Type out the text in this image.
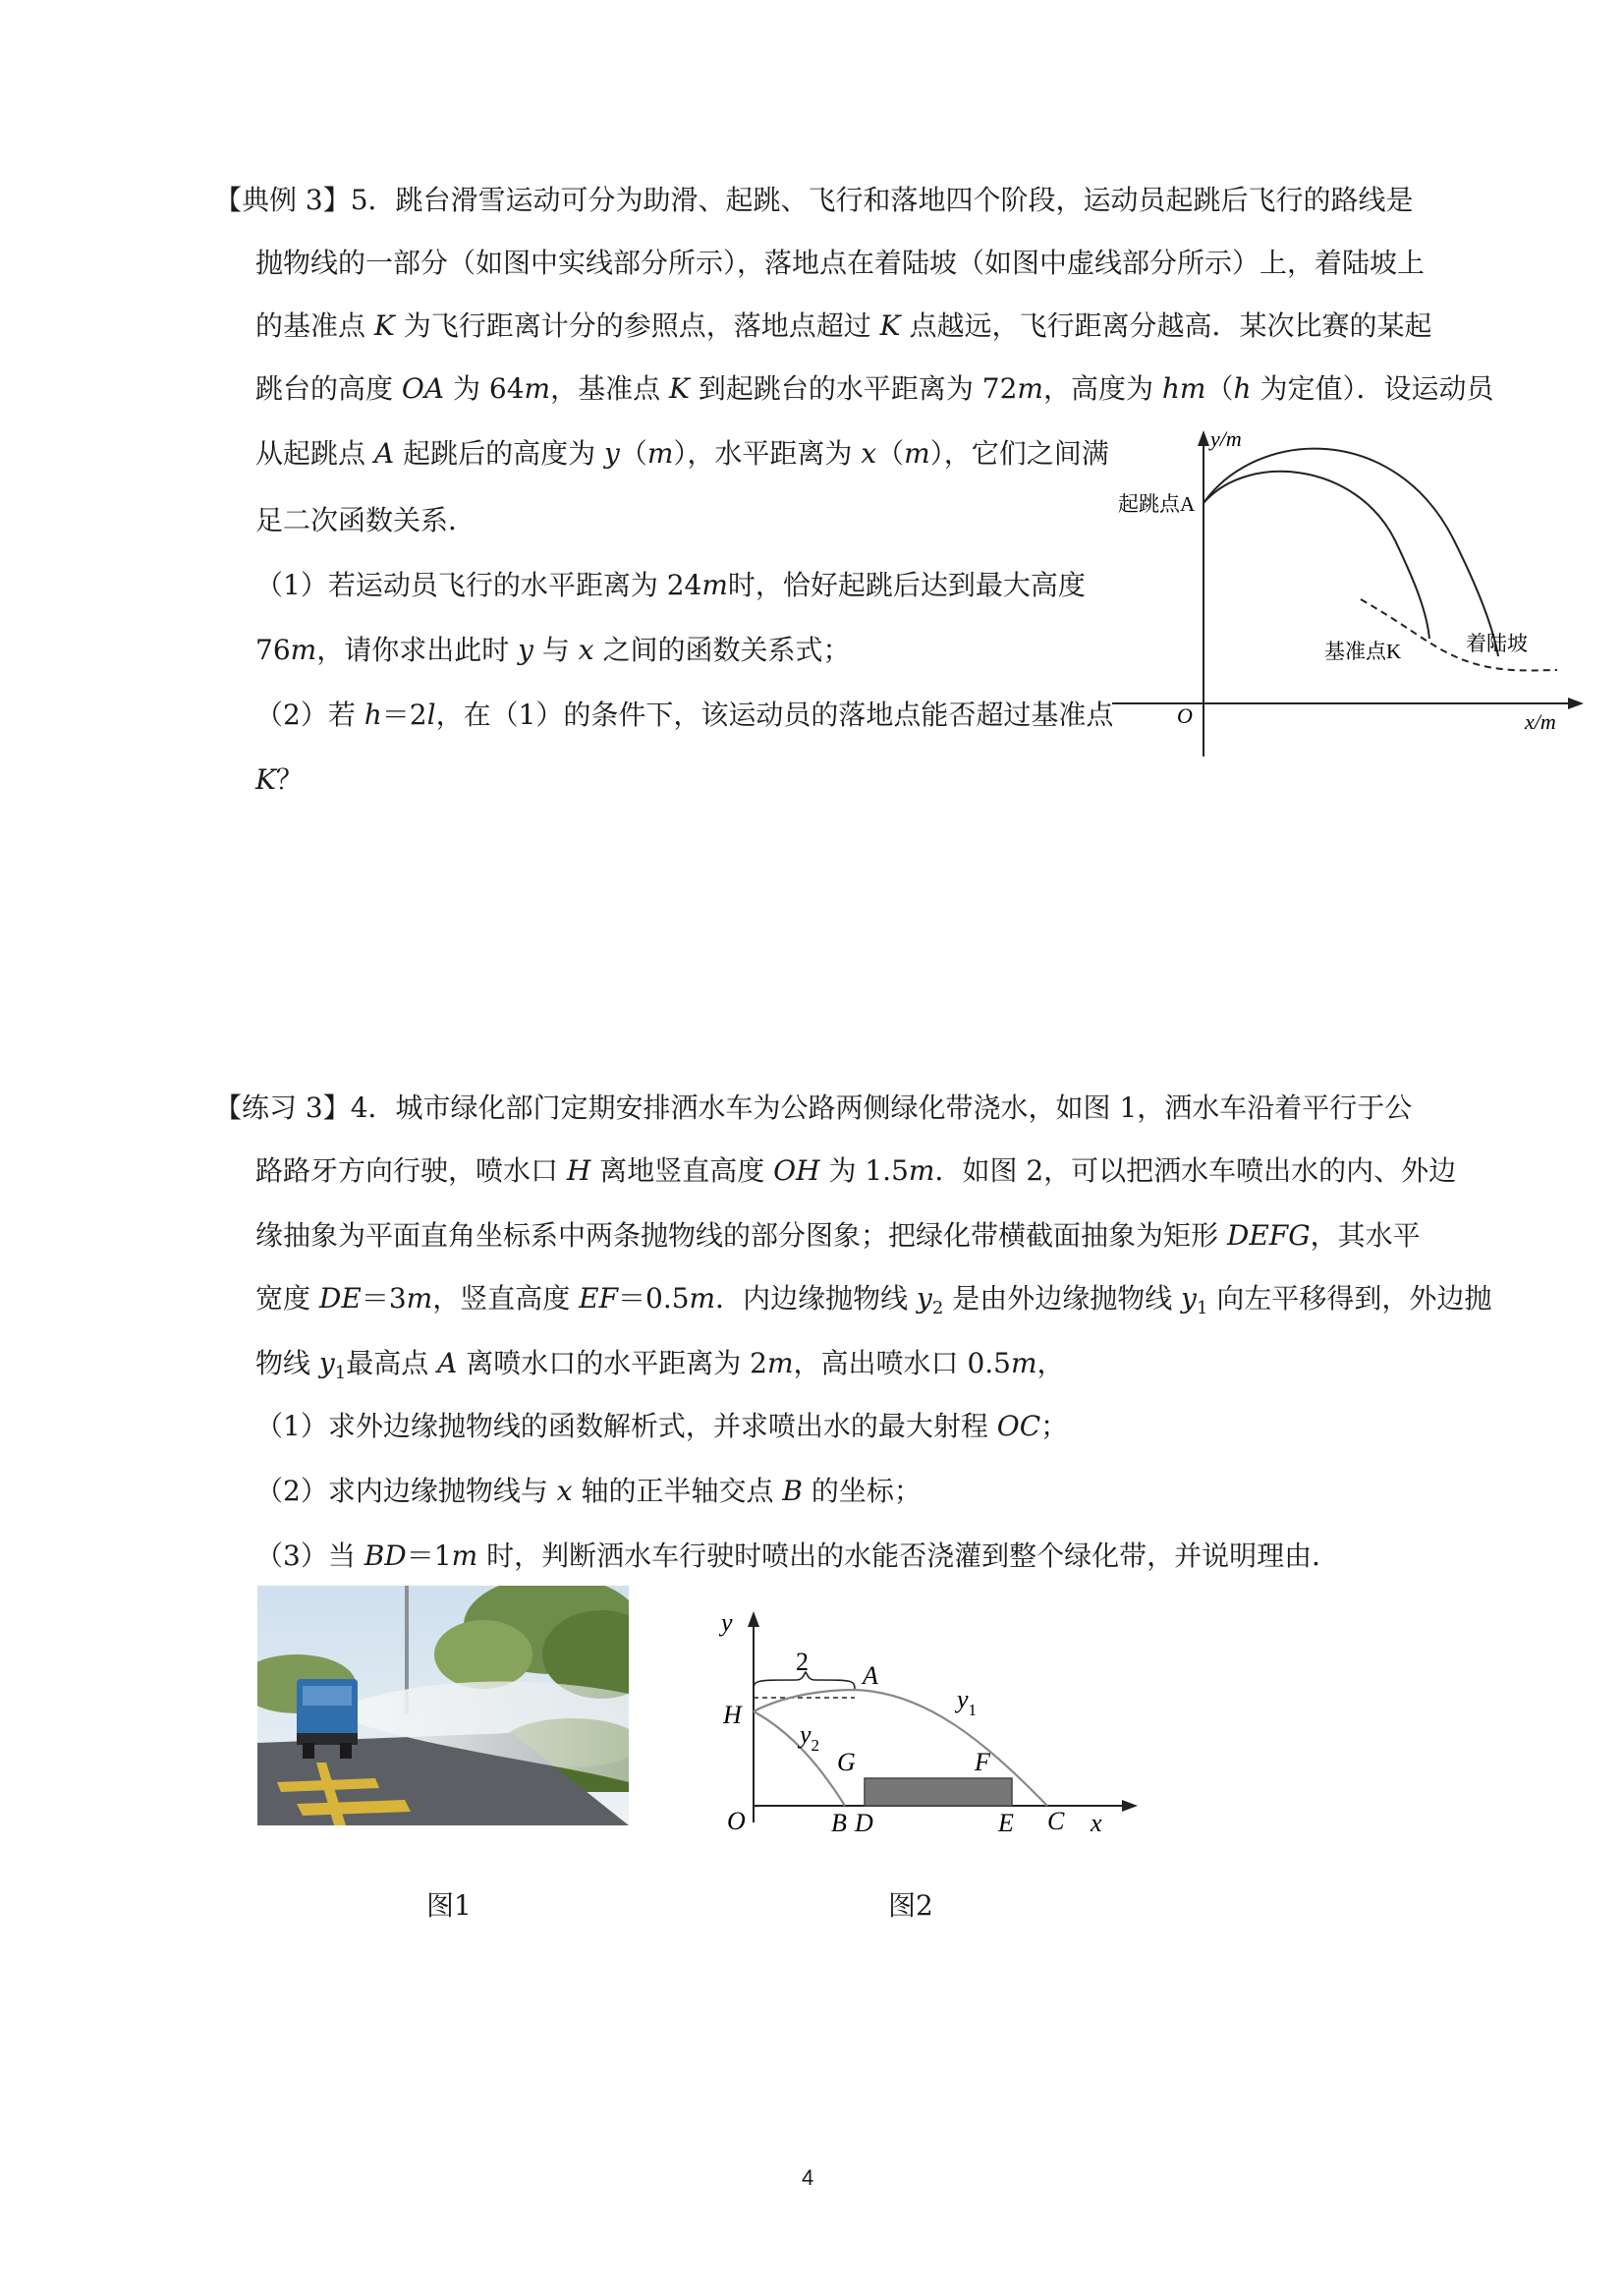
【典例 3】5．跳台滑雪运动可分为助滑、起跳、飞行和落地四个阶段，运动员起跳后飞行的路线是
抛物线的一部分（如图中实线部分所示），落地点在着陆坡（如图中虚线部分所示）上，着陆坡上
的基准点 K 为飞行距离计分的参照点，落地点超过 K 点越远，飞行距离分越高．某次比赛的某起
跳台的高度 OA 为 64m，基准点 K 到起跳台的水平距离为 72m，高度为 hm（h 为定值）．设运动员
从起跳点 A 起跳后的高度为 y（m），水平距离为 x（m），它们之间满
足二次函数关系．
（1）若运动员飞行的水平距离为 24m时，恰好起跳后达到最大高度
76m，请你求出此时 y 与 x 之间的函数关系式；
（2）若 h＝2l，在（1）的条件下，该运动员的落地点能否超过基准点
K？
y/m
x/m
O
起跳点A
基准点K	着陆坡
【练习 3】4．城市绿化部门定期安排洒水车为公路两侧绿化带浇水，如图 1，洒水车沿着平行于公
路路牙方向行驶，喷水口 H 离地竖直高度 OH 为 1.5m．如图 2，可以把洒水车喷出水的内、外边
缘抽象为平面直角坐标系中两条抛物线的部分图象；把绿化带横截面抽象为矩形 DEFG，其水平
宽度 DE＝3m，竖直高度 EF＝0.5m．内边缘抛物线 $y_2$ 是由外边缘抛物线 $y_1$ 向左平移得到，外边抛
物线 $y_1$最高点 A 离喷水口的水平距离为 2m，高出喷水口 0.5m，
（1）求外边缘抛物线的函数解析式，并求喷出水的最大射程 OC；
（2）求内边缘抛物线与 x 轴的正半轴交点 B 的坐标；
（3）当 BD＝1m 时，判断洒水车行驶时喷出的水能否浇灌到整个绿化带，并说明理由．
y
2 A
H
O
$y_1$
$y_2$
G	F
B D	E C x
图1	图2
4
